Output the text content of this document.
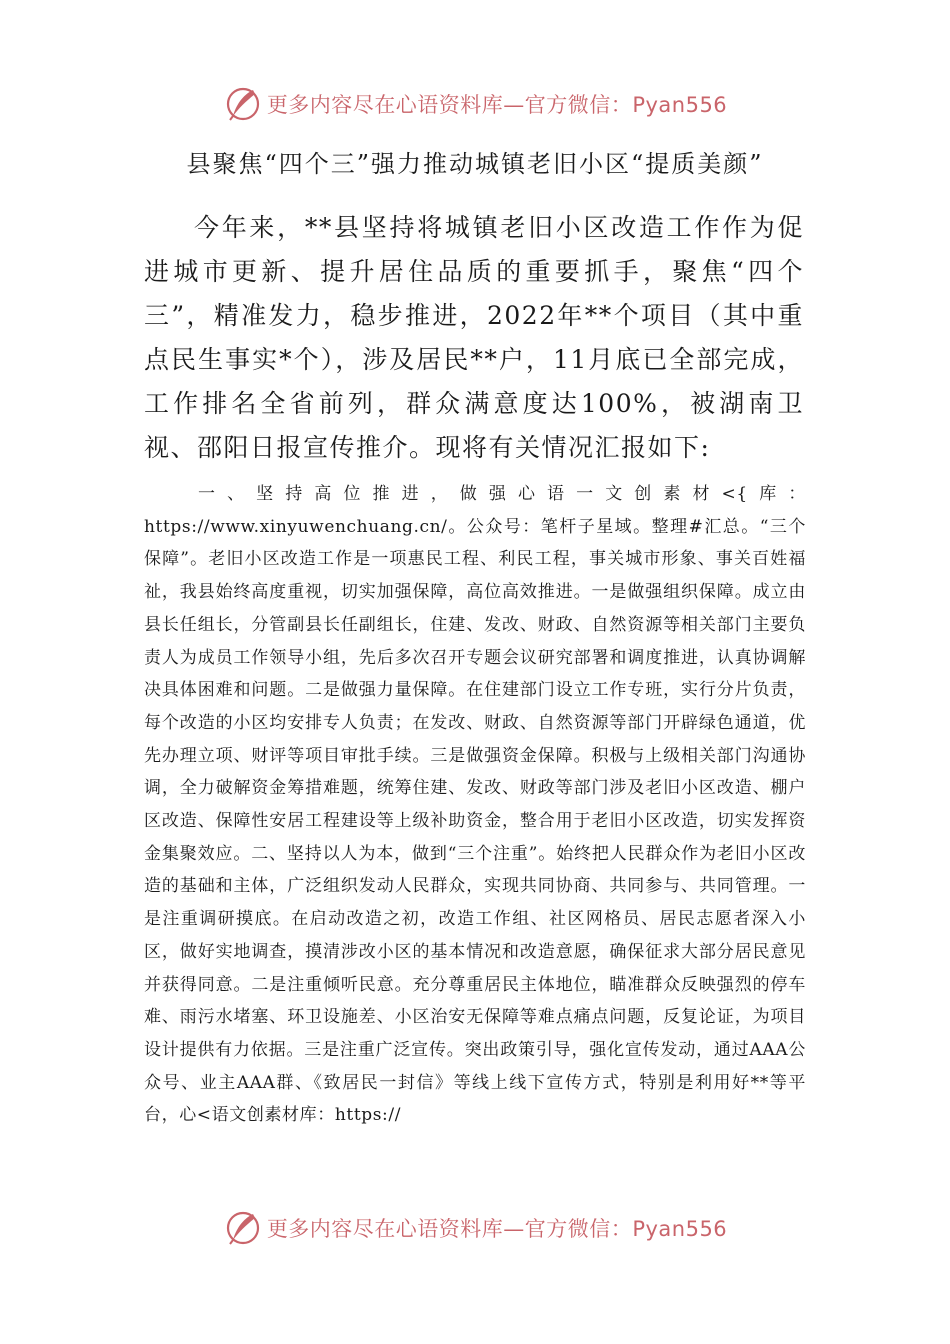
更多内容尽在心语资料库—官方微信：Pyan556
县聚焦“四个三”强力推动城镇老旧小区“提质美颜”

今年来，**县坚持将城镇老旧小区改造工作作为促进城市更新、提升居住品质的重要抓手，聚焦“四个三”，精准发力，稳步推进，2022年**个项目（其中重点民生事实*个），涉及居民**户，11月底已全部完成，工作排名全省前列，群众满意度达100%，被湖南卫视、邵阳日报宣传推介。现将有关情况汇报如下:

一、坚持高位推进，做强心语一文创素材<{库：https://www.xinyuwenchuang.cn/。公众号：笔杆子星域。整理#汇总。“三个保障”。老旧小区改造工作是一项惠民工程、利民工程，事关城市形象、事关百姓福祉，我县始终高度重视，切实加强保障，高位高效推进。一是做强组织保障。成立由县长任组长，分管副县长任副组长，住建、发改、财政、自然资源等相关部门主要负责人为成员工作领导小组，先后多次召开专题会议研究部署和调度推进，认真协调解决具体困难和问题。二是做强力量保障。在住建部门设立工作专班，实行分片负责，每个改造的小区均安排专人负责；在发改、财政、自然资源等部门开辟绿色通道，优先办理立项、财评等项目审批手续。三是做强资金保障。积极与上级相关部门沟通协调，全力破解资金筹措难题，统筹住建、发改、财政等部门涉及老旧小区改造、棚户区改造、保障性安居工程建设等上级补助资金，整合用于老旧小区改造，切实发挥资金集聚效应。二、坚持以人为本，做到“三个注重”。始终把人民群众作为老旧小区改造的基础和主体，广泛组织发动人民群众，实现共同协商、共同参与、共同管理。一是注重调研摸底。在启动改造之初，改造工作组、社区网格员、居民志愿者深入小区，做好实地调查，摸清涉改小区的基本情况和改造意愿，确保征求大部分居民意见并获得同意。二是注重倾听民意。充分尊重居民主体地位，瞄准群众反映强烈的停车难、雨污水堵塞、环卫设施差、小区治安无保障等难点痛点问题，反复论证，为项目设计提供有力依据。三是注重广泛宣传。突出政策引导，强化宣传发动，通过AAA公众号、业主AAA群、《致居民一封信》等线上线下宣传方式，特别是利用好**等平台，心<语文创素材库：https://

更多内容尽在心语资料库—官方微信：Pyan556
